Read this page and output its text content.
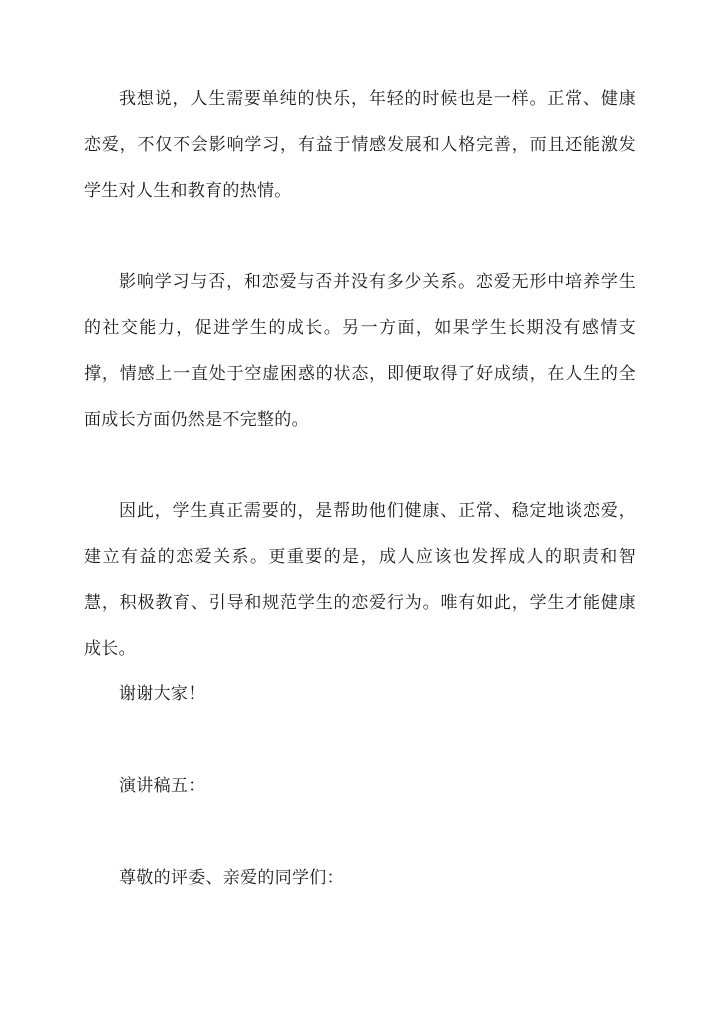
我想说，人生需要单纯的快乐，年轻的时候也是一样。正常、健康恋爱，不仅不会影响学习，有益于情感发展和人格完善，而且还能激发学生对人生和教育的热情。

影响学习与否，和恋爱与否并没有多少关系。恋爱无形中培养学生的社交能力，促进学生的成长。另一方面，如果学生长期没有感情支撑，情感上一直处于空虚困惑的状态，即便取得了好成绩，在人生的全面成长方面仍然是不完整的。

因此，学生真正需要的，是帮助他们健康、正常、稳定地谈恋爱，建立有益的恋爱关系。更重要的是，成人应该也发挥成人的职责和智慧，积极教育、引导和规范学生的恋爱行为。唯有如此，学生才能健康成长。

谢谢大家！

演讲稿五：

尊敬的评委、亲爱的同学们：
